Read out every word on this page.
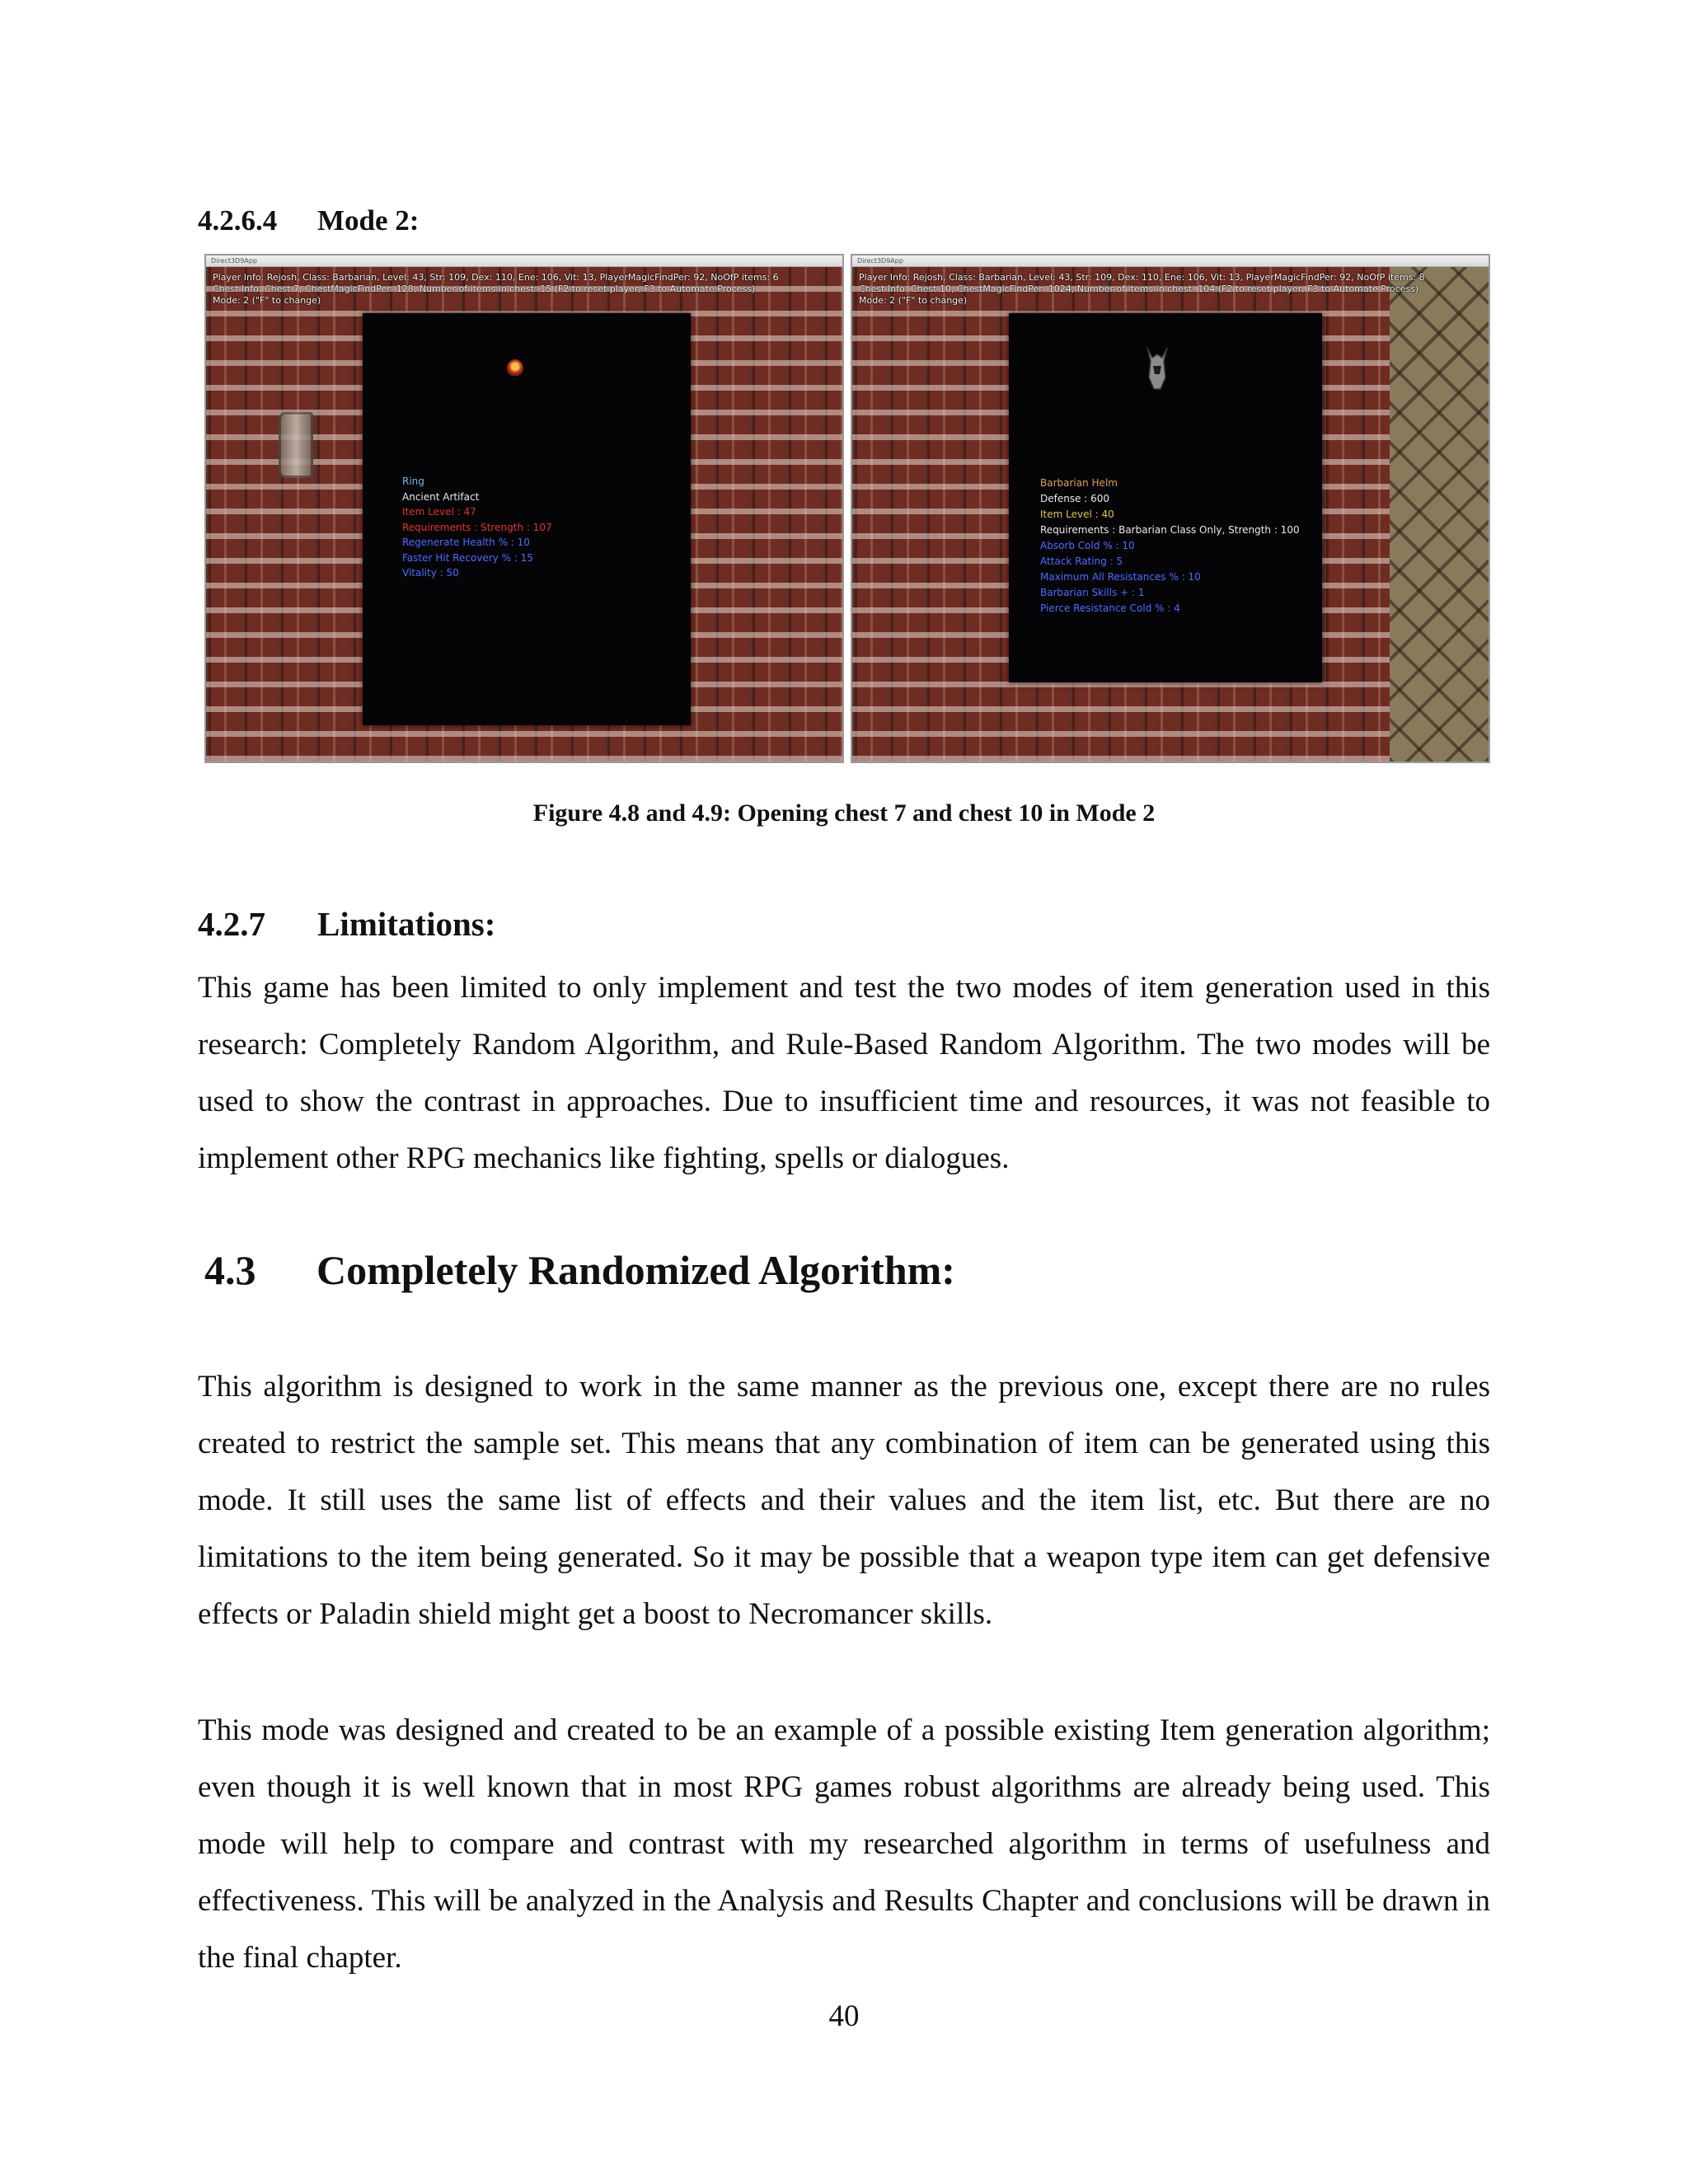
4.2.6.4 Mode 2:
Direct3D9App
Player Info: Rejosh, Class: Barbarian, Level: 43, Str: 109, Dex: 110, Ene: 106, Vit: 13, PlayerMagicFindPer: 92, NoOfP items: 6
Chest Info: Chest 7, ChestMagicFindPer: 128, Number of items in chest: 15 (F2 to reset player, F3 to Automate Process)
Mode: 2 ("F" to change)
Ring
Ancient Artifact
Item Level : 47
Requirements : Strength : 107
Regenerate Health % : 10
Faster Hit Recovery % : 15
Vitality : 50
Direct3D9App
Player Info: Rejosh, Class: Barbarian, Level: 43, Str: 109, Dex: 110, Ene: 106, Vit: 13, PlayerMagicFindPer: 92, NoOfP items: 8
Chest Info: Chest 10, ChestMagicFindPer: 1024, Number of items in chest: 104 (F2 to reset player, F3 to Automate Process)
Mode: 2 ("F" to change)
Barbarian Helm
Defense : 600
Item Level : 40
Requirements : Barbarian Class Only, Strength : 100
Absorb Cold % : 10
Attack Rating : 5
Maximum All Resistances % : 10
Barbarian Skills + : 1
Pierce Resistance Cold % : 4
Figure 4.8 and 4.9: Opening chest 7 and chest 10 in Mode 2
4.2.7 Limitations:
This game has been limited to only implement and test the two modes of item generation used in this research: Completely Random Algorithm, and Rule-Based Random Algorithm. The two modes will be used to show the contrast in approaches. Due to insufficient time and resources, it was not feasible to implement other RPG mechanics like fighting, spells or dialogues.
4.3 Completely Randomized Algorithm:
This algorithm is designed to work in the same manner as the previous one, except there are no rules created to restrict the sample set. This means that any combination of item can be generated using this mode. It still uses the same list of effects and their values and the item list, etc. But there are no limitations to the item being generated. So it may be possible that a weapon type item can get defensive effects or Paladin shield might get a boost to Necromancer skills.
This mode was designed and created to be an example of a possible existing Item generation algorithm; even though it is well known that in most RPG games robust algorithms are already being used. This mode will help to compare and contrast with my researched algorithm in terms of usefulness and effectiveness. This will be analyzed in the Analysis and Results Chapter and conclusions will be drawn in the final chapter.
40
